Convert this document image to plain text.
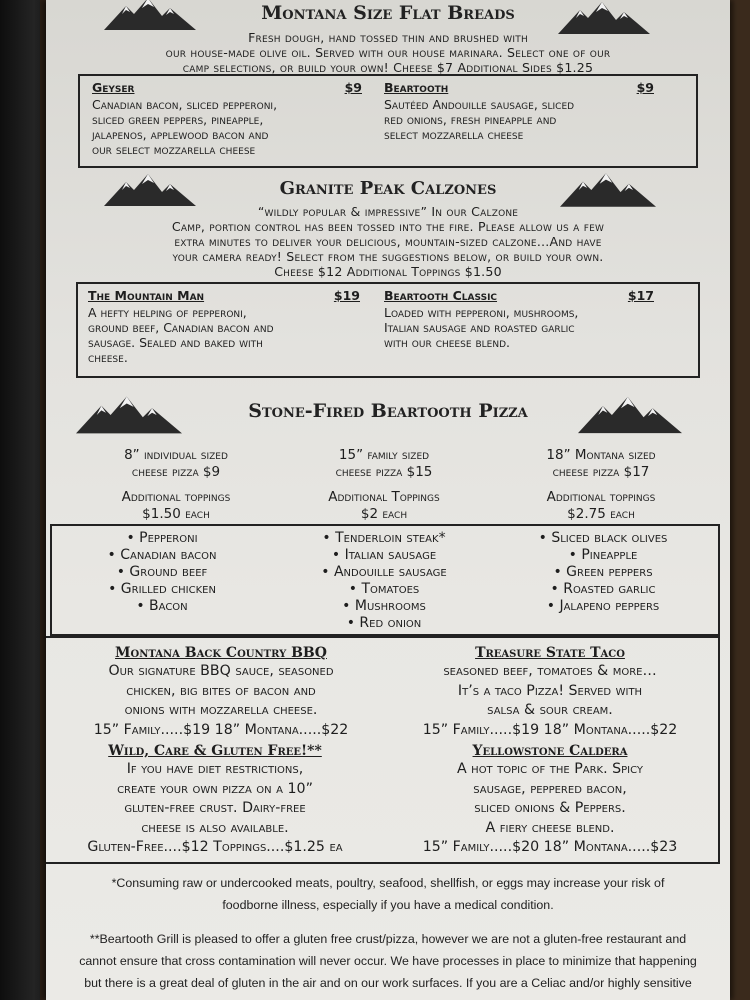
Montana Size Flat Breads
Fresh dough, hand tossed thin and brushed with
our house-made olive oil. Served with our house marinara. Select one of our
camp selections, or build your own! Cheese $7 Additional Sides $1.25
Geyser	$9
Canadian bacon, sliced pepperoni,
sliced green peppers, pineapple,
jalapenos, applewood bacon and
our select mozzarella cheese
Beartooth	$9
Sautéed Andouille sausage, sliced
red onions, fresh pineapple and
select mozzarella cheese
Granite Peak Calzones
“wildly popular & impressive” In our Calzone
Camp, portion control has been tossed into the fire. Please allow us a few
extra minutes to deliver your delicious, mountain-sized calzone…And have
your camera ready! Select from the suggestions below, or build your own.
Cheese $12 Additional Toppings $1.50
The Mountain Man	$19
A hefty helping of pepperoni,
ground beef, Canadian bacon and
sausage. Sealed and baked with
cheese.
Beartooth Classic	$17
Loaded with pepperoni, mushrooms,
Italian sausage and roasted garlic
with our cheese blend.
Stone-Fired Beartooth Pizza
8” individual sized
cheese pizza $9
Additional toppings
$1.50 each
15” family sized
cheese pizza $15
Additional Toppings
$2 each
18” Montana sized
cheese pizza $17
Additional toppings
$2.75 each
• Pepperoni
• Canadian bacon
• Ground beef
• Grilled chicken
• Bacon
• Tenderloin steak*
• Italian sausage
• Andouille sausage
• Tomatoes
• Mushrooms
• Red onion
• Sliced black olives
• Pineapple
• Green peppers
• Roasted garlic
• Jalapeno peppers
Montana Back Country BBQ
Our signature BBQ sauce, seasoned
chicken, big bites of bacon and
onions with mozzarella cheese.
15” Family.....$19 18” Montana.....$22
Treasure State Taco
seasoned beef, tomatoes & more…
It’s a taco Pizza! Served with
salsa & sour cream.
15” Family.....$19 18” Montana.....$22
Wild, Care & Gluten Free!**
If you have diet restrictions,
create your own pizza on a 10”
gluten-free crust. Dairy-free
cheese is also available.
Gluten-Free....$12 Toppings....$1.25 ea
Yellowstone Caldera
A hot topic of the Park. Spicy
sausage, peppered bacon,
sliced onions & Peppers.
A fiery cheese blend.
15” Family.....$20 18” Montana.....$23
*Consuming raw or undercooked meats, poultry, seafood, shellfish, or eggs may increase your risk of
foodborne illness, especially if you have a medical condition.
**Beartooth Grill is pleased to offer a gluten free crust/pizza, however we are not a gluten-free restaurant and
cannot ensure that cross contamination will never occur. We have processes in place to minimize that happening
but there is a great deal of gluten in the air and on our work surfaces. If you are a Celiac and/or highly sensitive
